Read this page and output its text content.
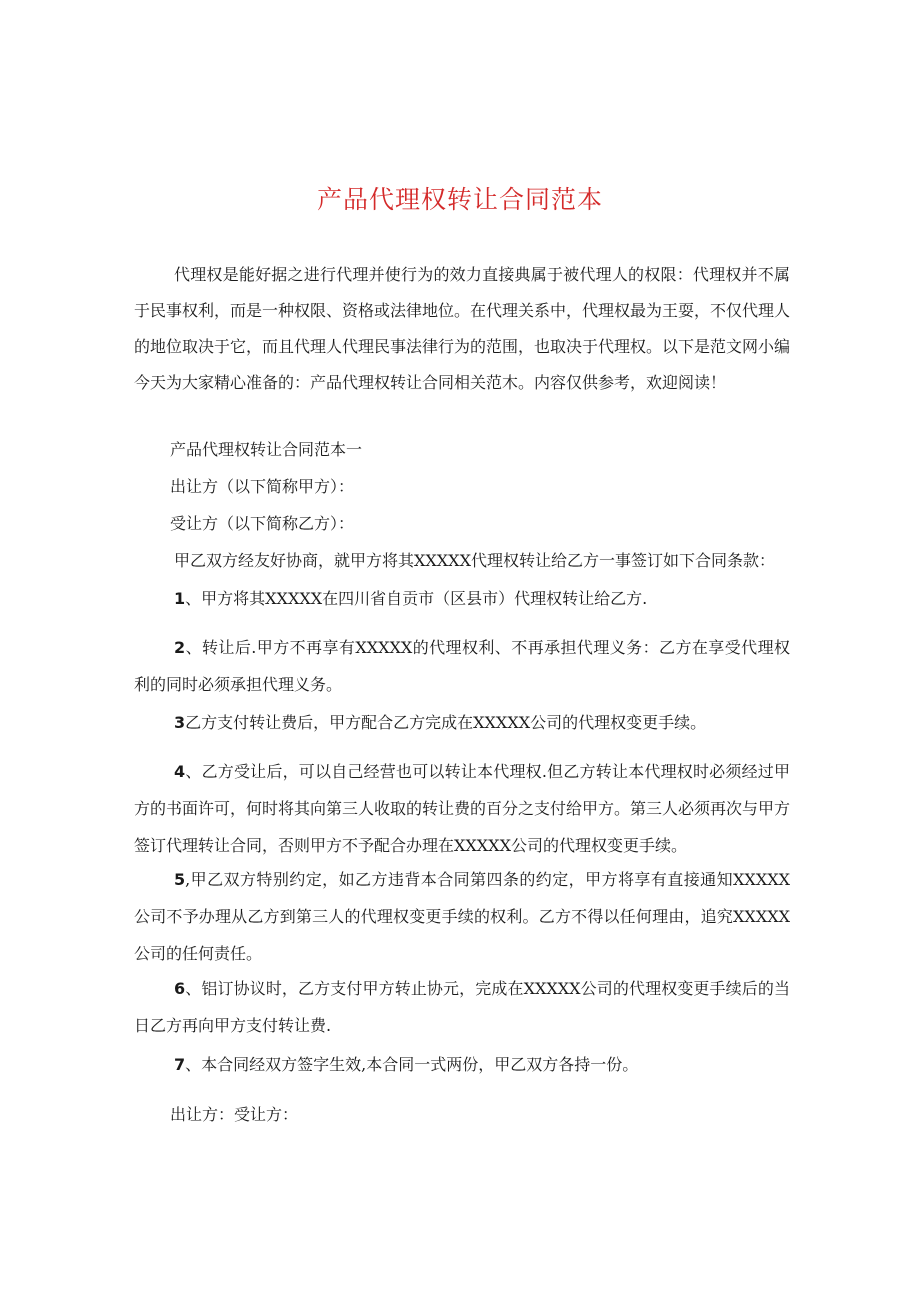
产品代理权转让合同范本
代理权是能好据之进行代理并使行为的效力直接典属于被代理人的权限：代理权并不属于民事权利，而是一种权限、资格或法律地位。在代理关系中，代理权最为王耍，不仅代理人的地位取决于它，而且代理人代理民事法律行为的范围，也取决于代理权。以下是范文网小编今天为大家精心准备的：产品代理权转让合同相关范木。内容仅供参考，欢迎阅读！
产品代理权转让合同范本一
出让方（以下简称甲方）：
受让方（以下简称乙方）：
甲乙双方经友好协商，就甲方将其XXXXX代理权转让给乙方一事签订如下合同条款：
1、甲方将其XXXXX在四川省自贡市（区县市）代理权转让给乙方.
2、转让后.甲方不再享有XXXXX的代理权利、不再承担代理义务：乙方在享受代理权利的同时必须承担代理义务。
3乙方支付转让费后，甲方配合乙方完成在XXXXX公司的代理权变更手续。
4、乙方受让后，可以自己经营也可以转让本代理权.但乙方转让本代理权时必须经过甲方的书面许可，何时将其向第三人收取的转让费的百分之支付给甲方。第三人必须再次与甲方签订代理转让合同，否则甲方不予配合办理在XXXXX公司的代理权变更手续。
5,甲乙双方特别约定，如乙方违背本合同第四条的约定，甲方将享有直接通知XXXXX公司不予办理从乙方到第三人的代理权变更手续的权利。乙方不得以任何理由，追究XXXXX公司的任何责任。
6、铝订协议时，乙方支付甲方转止协元，完成在XXXXX公司的代理权变更手续后的当日乙方再向甲方支付转让费.
7、本合同经双方签字生效,本合同一式两份，甲乙双方各持一份。
出让方：受让方：
